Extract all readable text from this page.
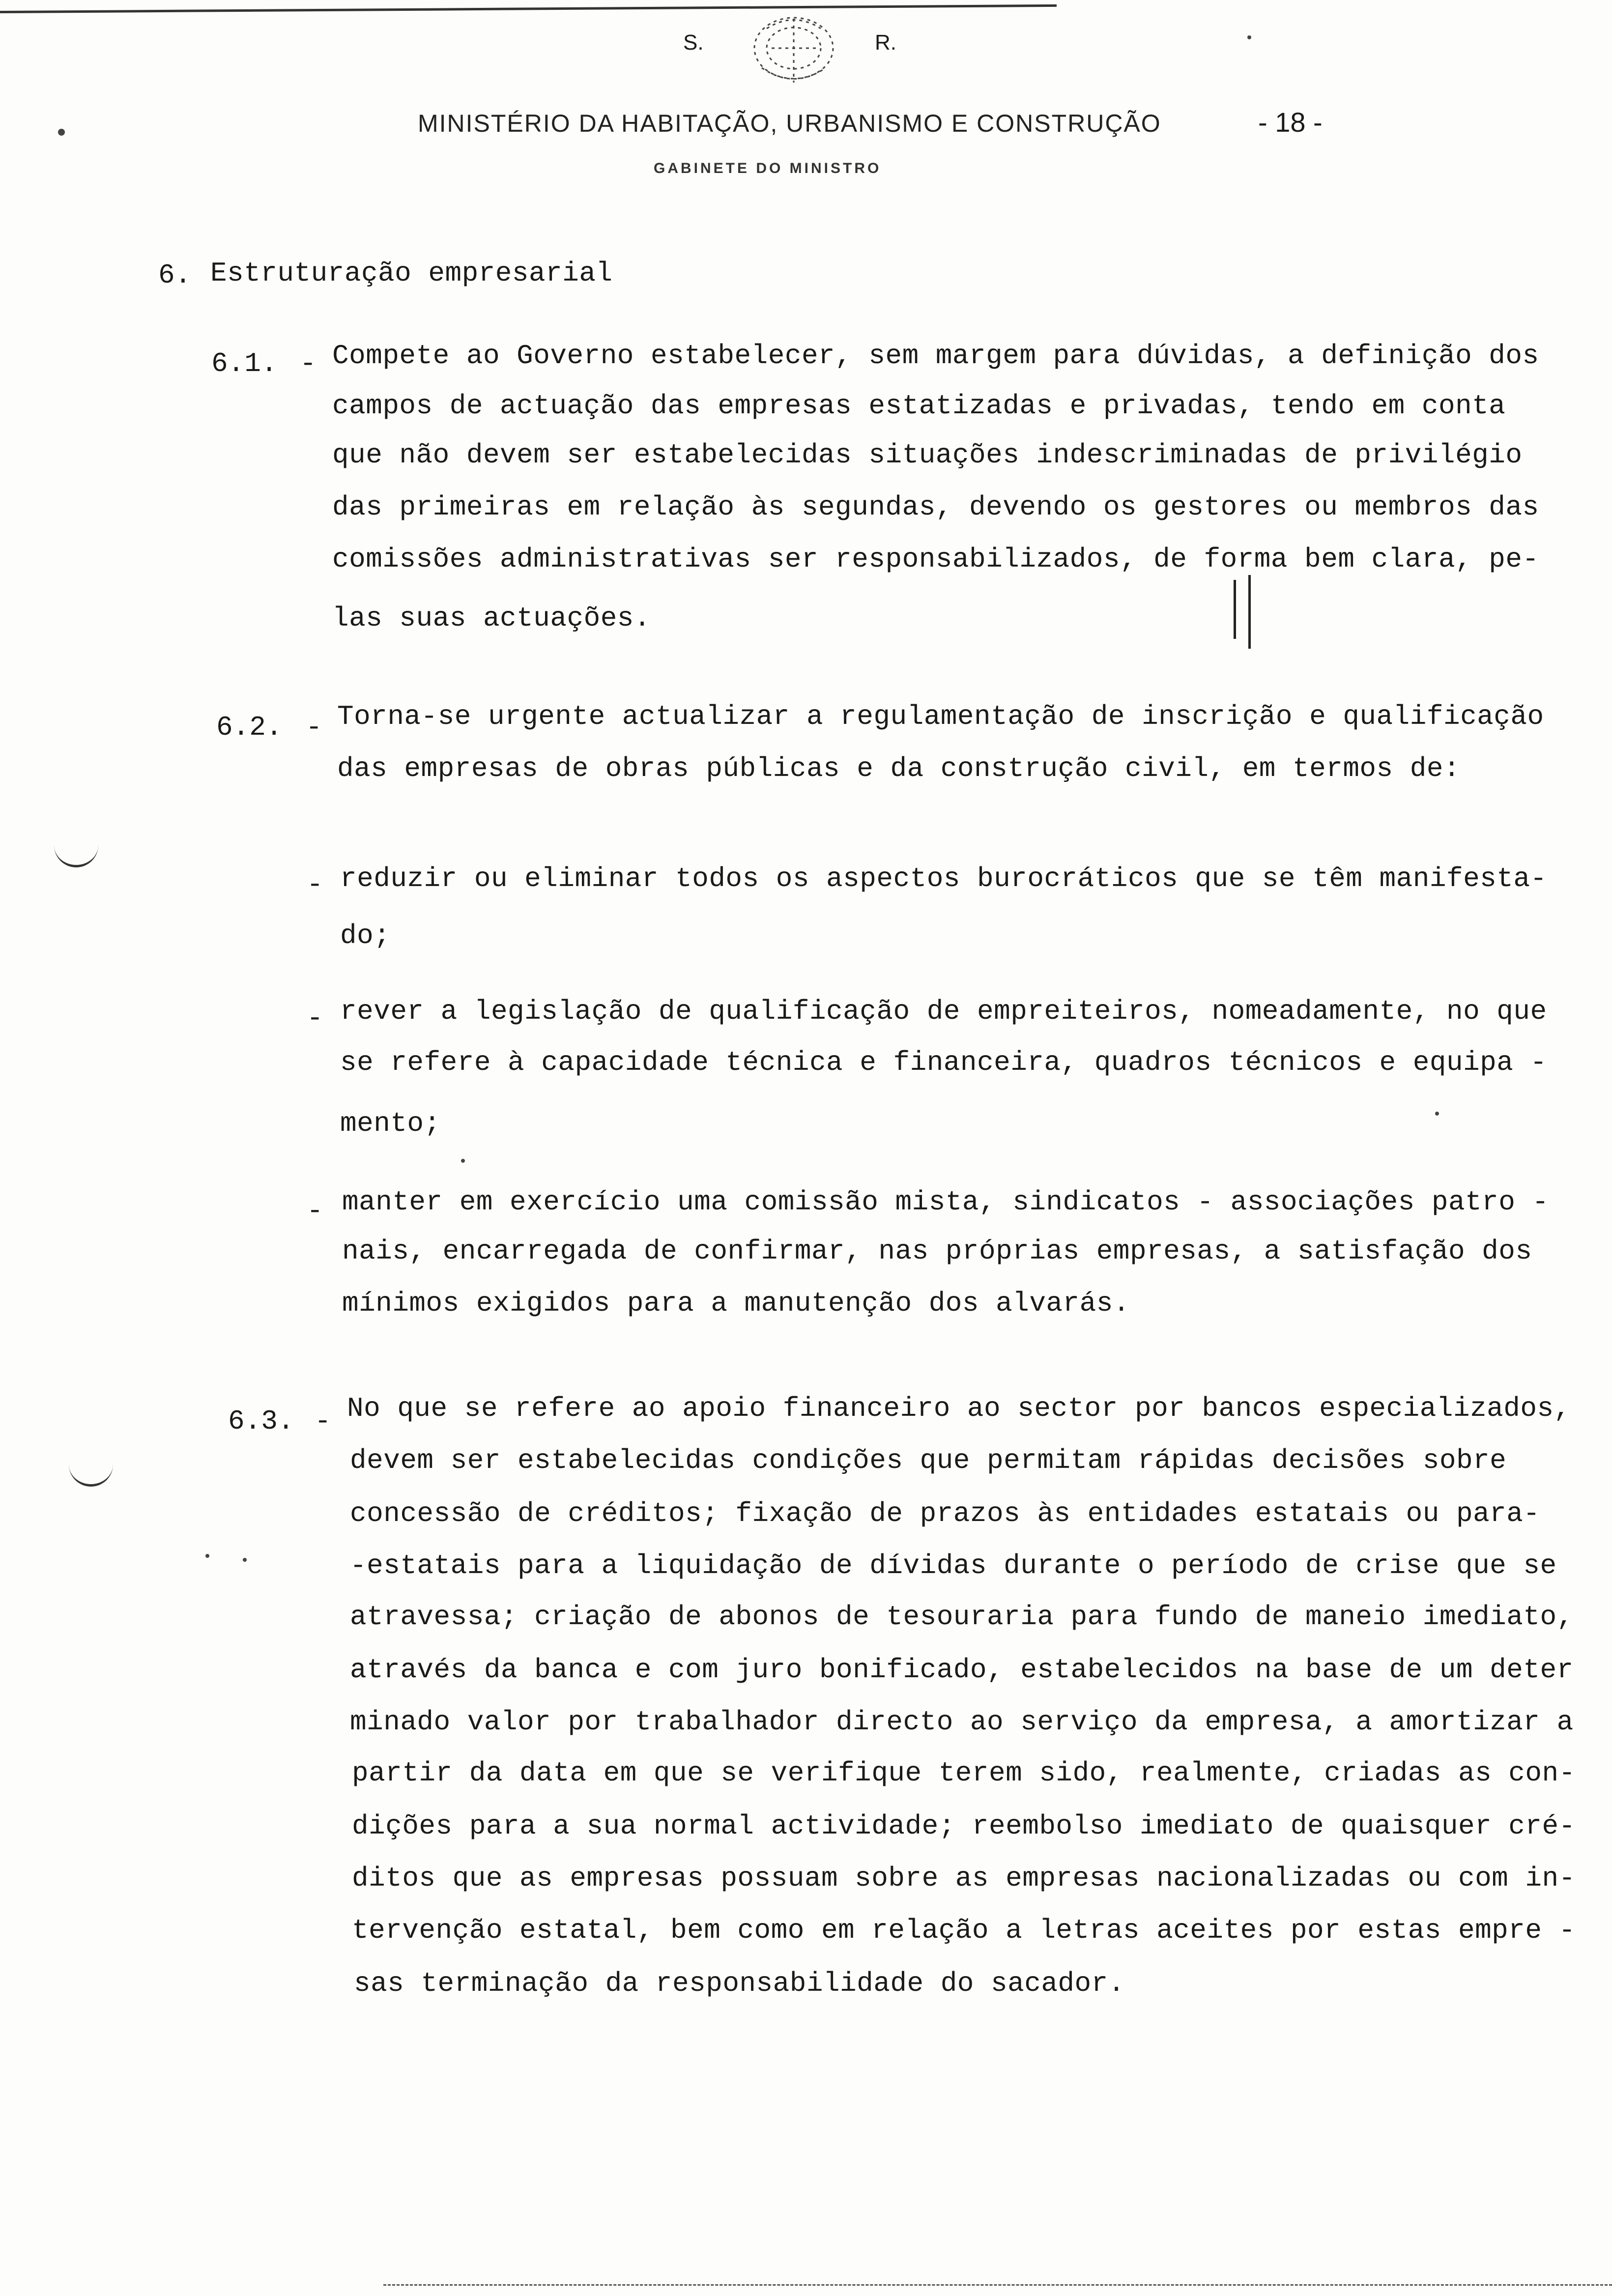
S.	R.
MINISTÉRIO DA HABITAÇÃO, URBANISMO E CONSTRUÇÃO	- 18 -
GABINETE DO MINISTRO
6. Estruturação empresarial
6.1. - Compete ao Governo estabelecer, sem margem para dúvidas, a definição dos
campos de actuação das empresas estatizadas e privadas, tendo em conta
que não devem ser estabelecidas situações indescriminadas de privilégio
das primeiras em relação às segundas, devendo os gestores ou membros das
comissões administrativas ser responsabilizados, de forma bem clara, pe-
las suas actuações.
6.2. - Torna-se urgente actualizar a regulamentação de inscrição e qualificação
das empresas de obras públicas e da construção civil, em termos de:
- reduzir ou eliminar todos os aspectos burocráticos que se têm manifesta-
do;
- rever a legislação de qualificação de empreiteiros, nomeadamente, no que
se refere à capacidade técnica e financeira, quadros técnicos e equipa -
mento;
- manter em exercício uma comissão mista, sindicatos - associações patro -
nais, encarregada de confirmar, nas próprias empresas, a satisfação dos
mínimos exigidos para a manutenção dos alvarás.
6.3. - No que se refere ao apoio financeiro ao sector por bancos especializados,
devem ser estabelecidas condições que permitam rápidas decisões sobre
concessão de créditos; fixação de prazos às entidades estatais ou para-
-estatais para a liquidação de dívidas durante o período de crise que se
atravessa; criação de abonos de tesouraria para fundo de maneio imediato,
através da banca e com juro bonificado, estabelecidos na base de um deter
minado valor por trabalhador directo ao serviço da empresa, a amortizar a
partir da data em que se verifique terem sido, realmente, criadas as con-
dições para a sua normal actividade; reembolso imediato de quaisquer cré-
ditos que as empresas possuam sobre as empresas nacionalizadas ou com in-
tervenção estatal, bem como em relação a letras aceites por estas empre -
sas terminação da responsabilidade do sacador.
